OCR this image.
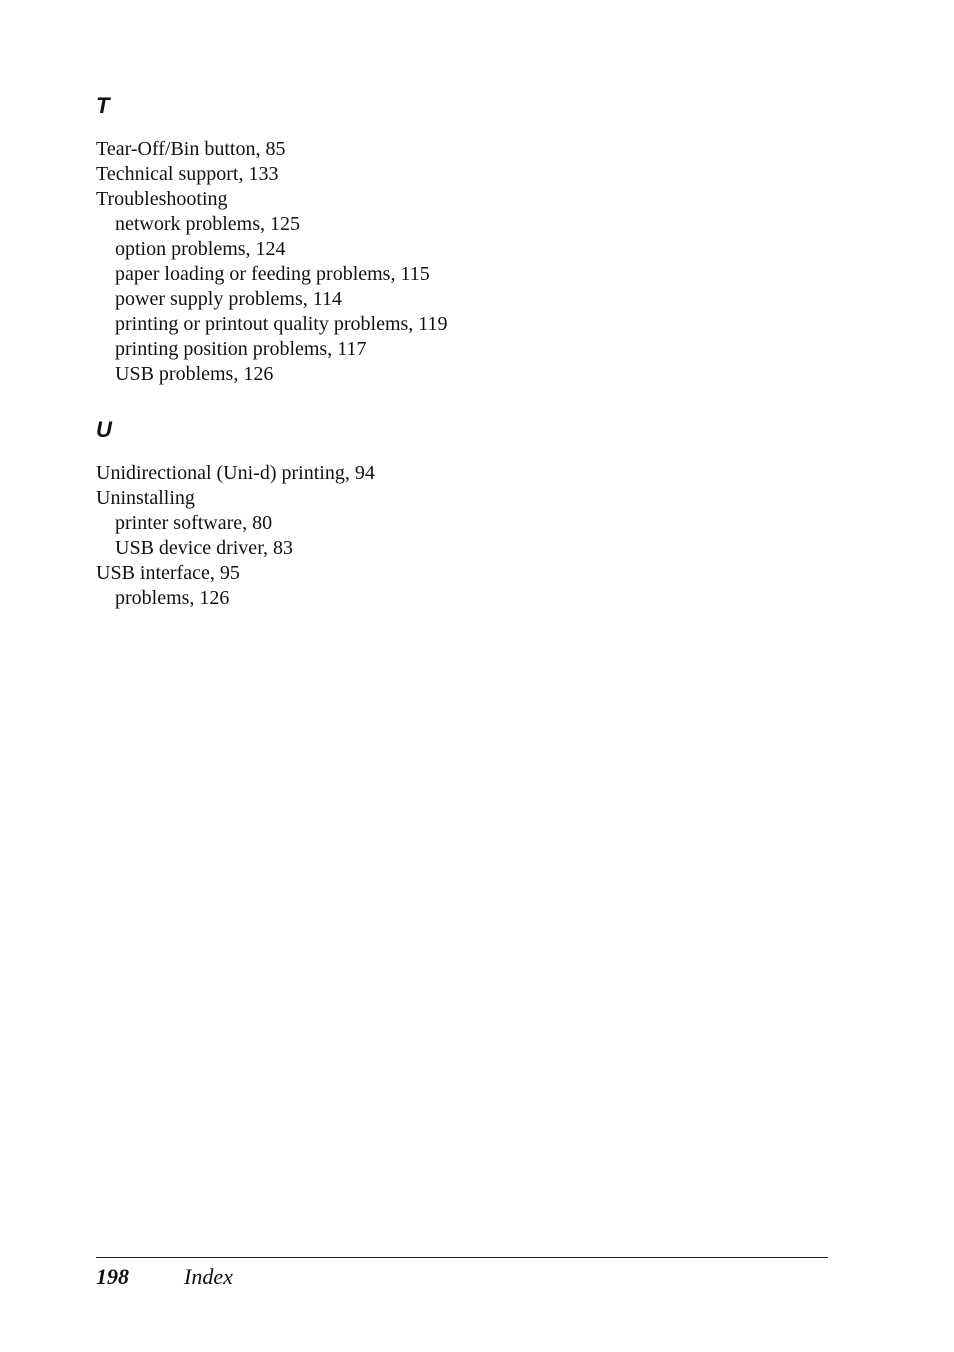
T
Tear-Off/Bin button, 85
Technical support, 133
Troubleshooting
network problems, 125
option problems, 124
paper loading or feeding problems, 115
power supply problems, 114
printing or printout quality problems, 119
printing position problems, 117
USB problems, 126
U
Unidirectional (Uni-d) printing, 94
Uninstalling
printer software, 80
USB device driver, 83
USB interface, 95
problems, 126
198	Index
